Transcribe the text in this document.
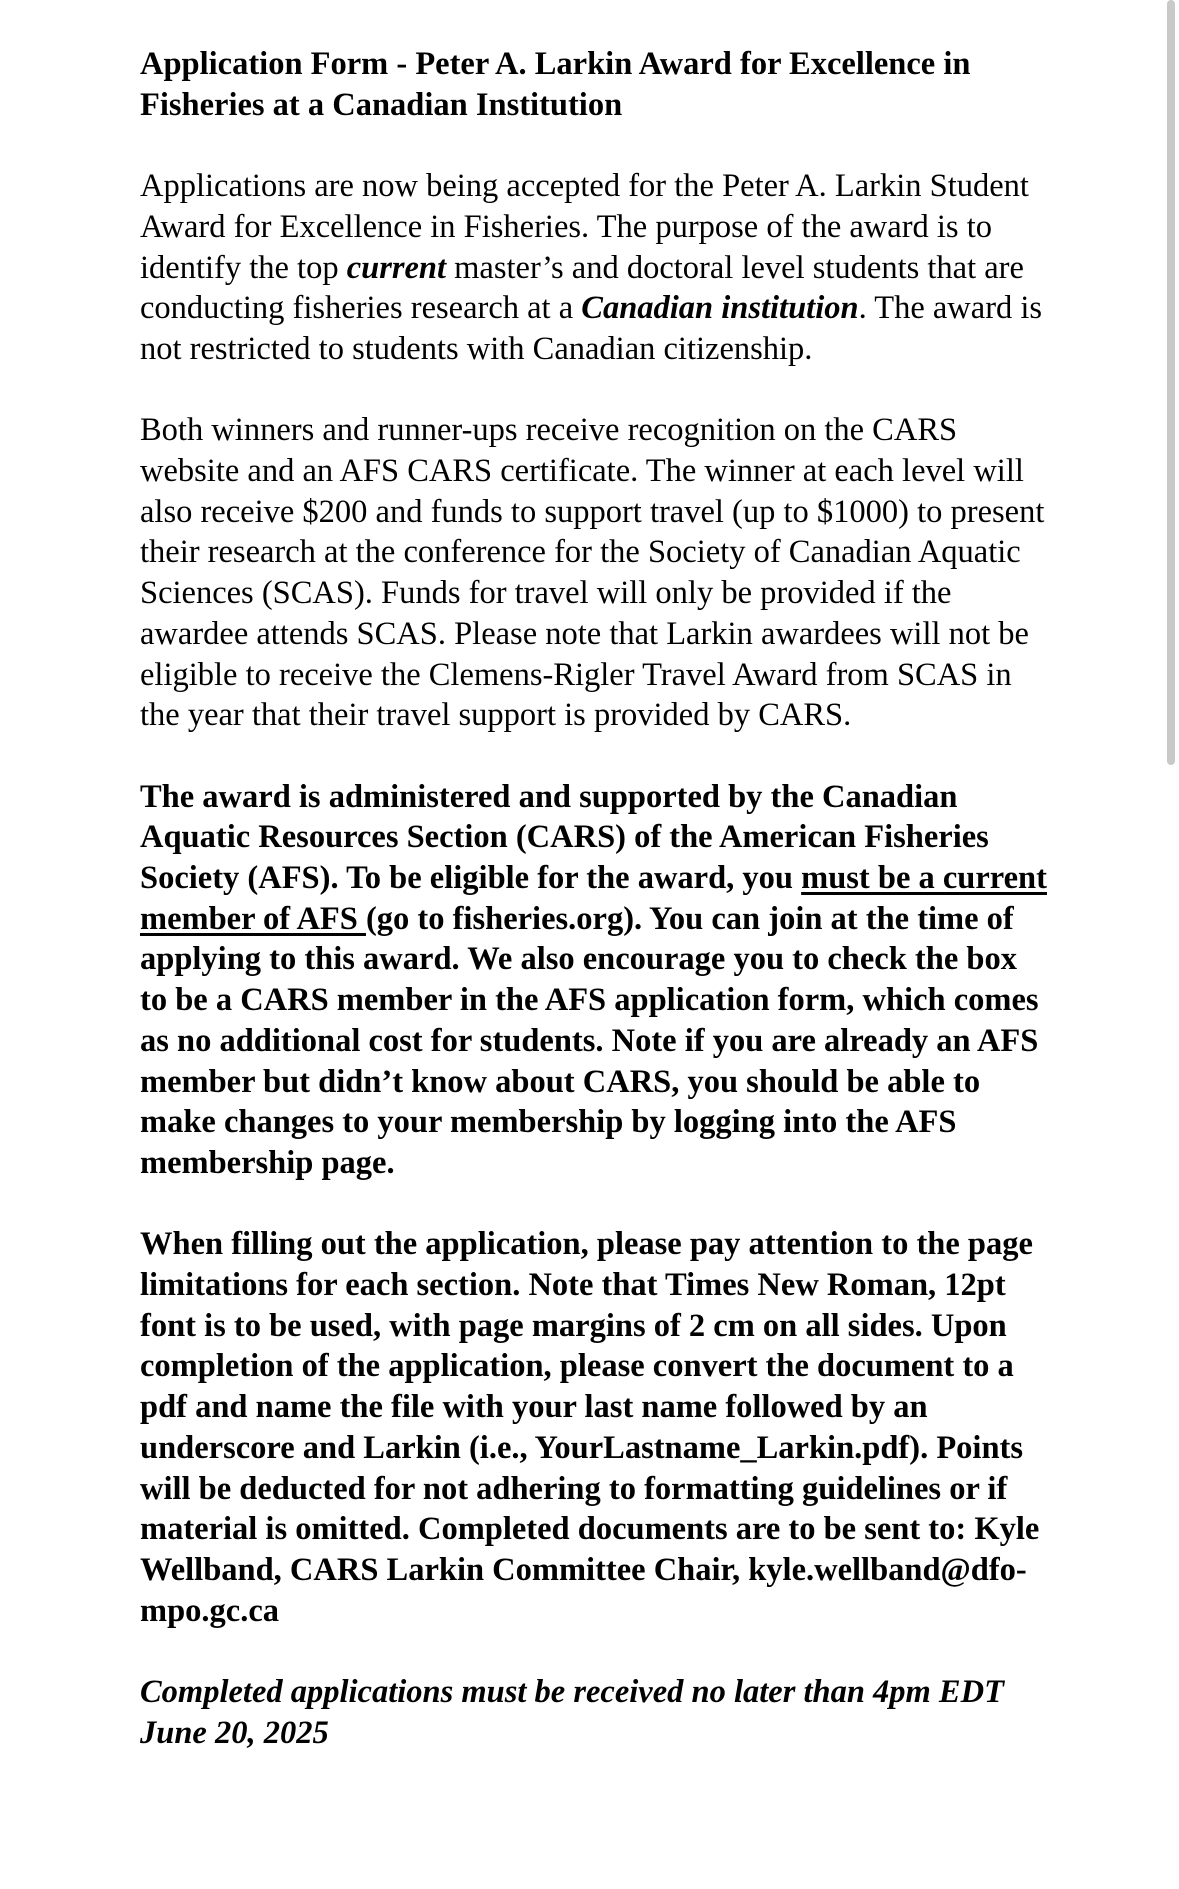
Application Form - Peter A. Larkin Award for Excellence in Fisheries at a Canadian Institution

Applications are now being accepted for the Peter A. Larkin Student Award for Excellence in Fisheries. The purpose of the award is to identify the top current master’s and doctoral level students that are conducting fisheries research at a Canadian institution. The award is not restricted to students with Canadian citizenship.

Both winners and runner-ups receive recognition on the CARS website and an AFS CARS certificate. The winner at each level will also receive $200 and funds to support travel (up to $1000) to present their research at the conference for the Society of Canadian Aquatic Sciences (SCAS). Funds for travel will only be provided if the awardee attends SCAS. Please note that Larkin awardees will not be eligible to receive the Clemens-Rigler Travel Award from SCAS in the year that their travel support is provided by CARS.

The award is administered and supported by the Canadian Aquatic Resources Section (CARS) of the American Fisheries Society (AFS). To be eligible for the award, you must be a current member of AFS (go to fisheries.org). You can join at the time of applying to this award. We also encourage you to check the box to be a CARS member in the AFS application form, which comes as no additional cost for students. Note if you are already an AFS member but didn’t know about CARS, you should be able to make changes to your membership by logging into the AFS membership page.

When filling out the application, please pay attention to the page limitations for each section. Note that Times New Roman, 12pt font is to be used, with page margins of 2 cm on all sides. Upon completion of the application, please convert the document to a pdf and name the file with your last name followed by an underscore and Larkin (i.e., YourLastname_Larkin.pdf). Points will be deducted for not adhering to formatting guidelines or if material is omitted. Completed documents are to be sent to: Kyle Wellband, CARS Larkin Committee Chair, kyle.wellband@dfo-mpo.gc.ca

Completed applications must be received no later than 4pm EDT June 20, 2025
